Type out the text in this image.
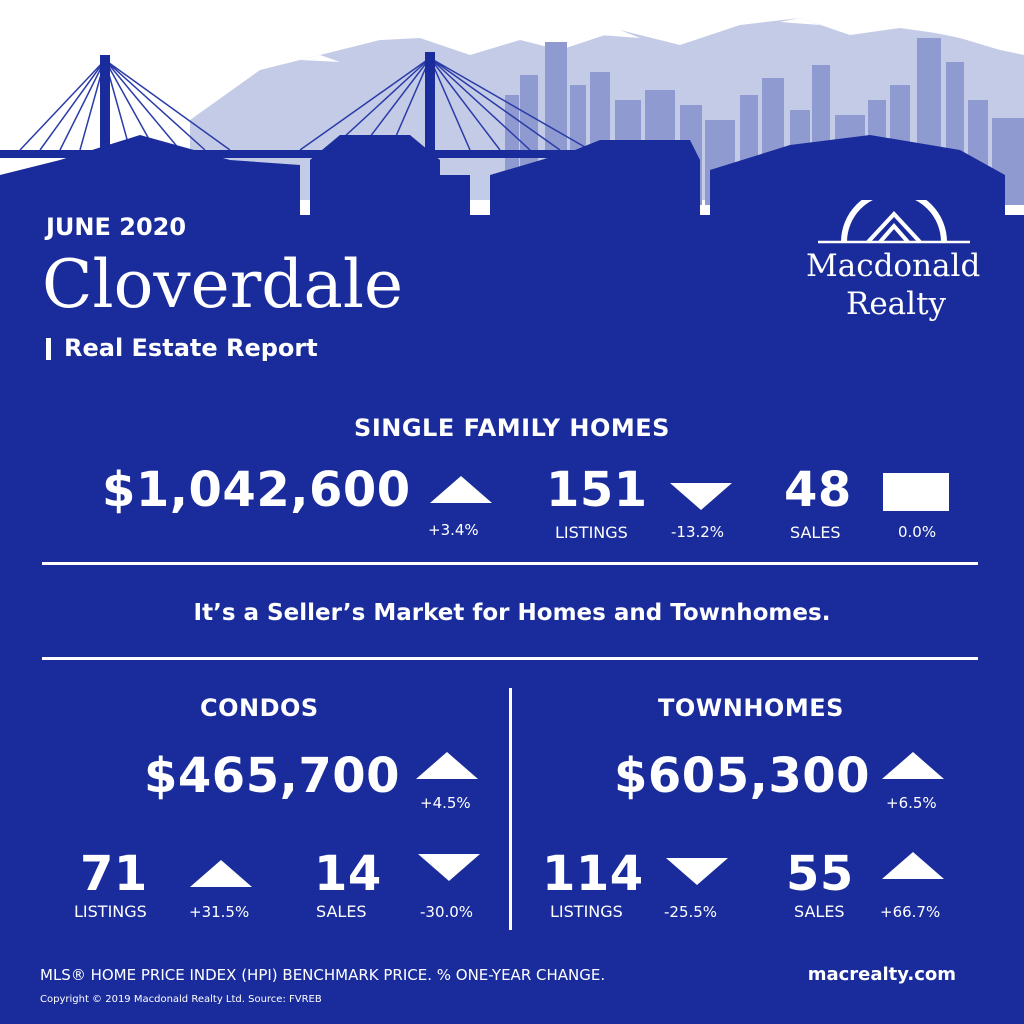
JUNE 2020
Cloverdale
Real Estate Report
Macdonald
Realty
SINGLE FAMILY HOMES
$1,042,600
+3.4%
151
LISTINGS	-13.2%
48
SALES	0.0%
It’s a Seller’s Market for Homes and Townhomes.
CONDOS
$465,700 +4.5%
71
LISTINGS	+31.5%
14
SALES	-30.0%
TOWNHOMES
$605,300 +6.5%
114
LISTINGS	-25.5%
55
SALES +66.7%
MLS® HOME PRICE INDEX (HPI) BENCHMARK PRICE. % ONE-YEAR CHANGE.	macrealty.com
Copyright © 2019 Macdonald Realty Ltd. Source: FVREB
